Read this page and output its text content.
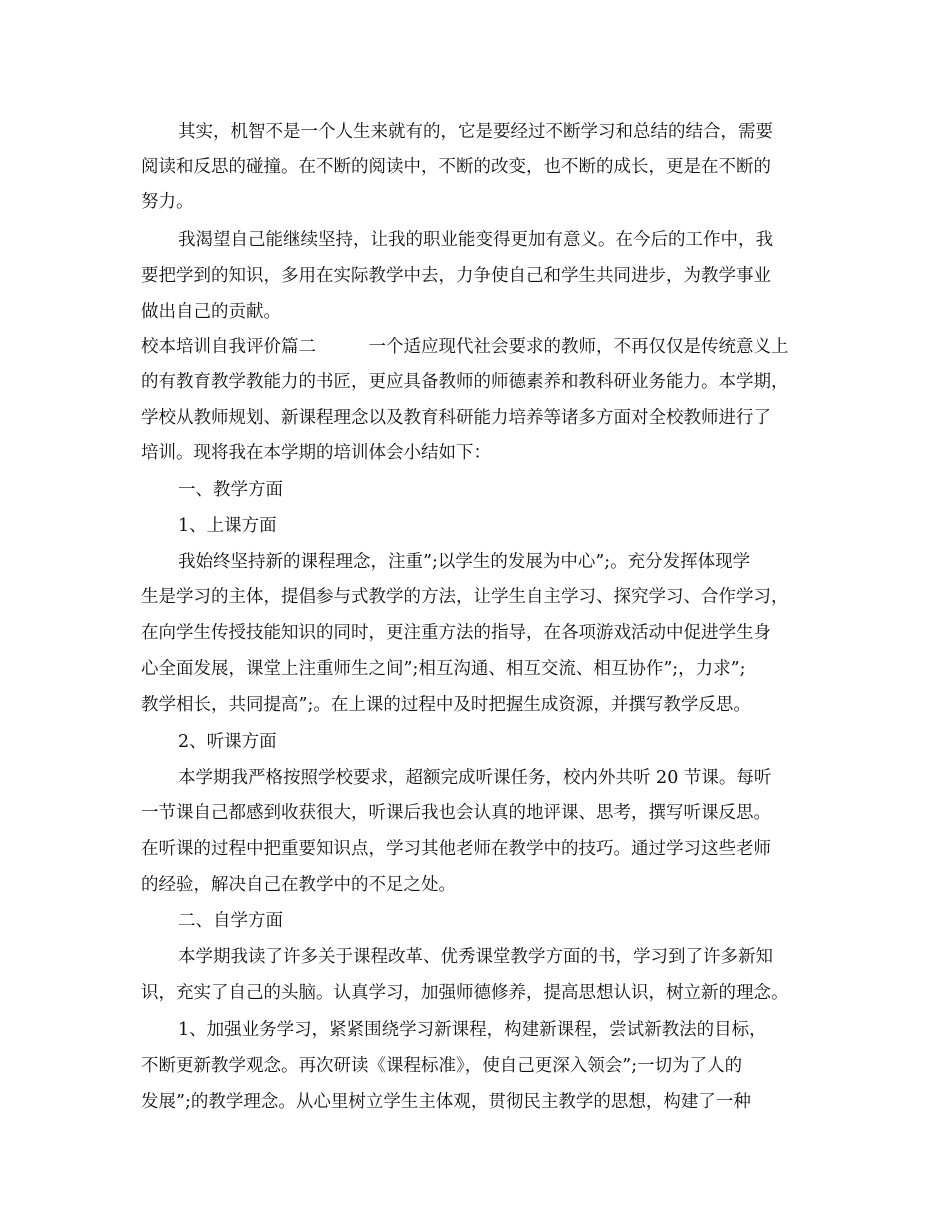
其实，机智不是一个人生来就有的，它是要经过不断学习和总结的结合，需要
阅读和反思的碰撞。在不断的阅读中，不断的改变，也不断的成长，更是在不断的
努力。
我渴望自己能继续坚持，让我的职业能变得更加有意义。在今后的工作中，我
要把学到的知识，多用在实际教学中去，力争使自己和学生共同进步，为教学事业
做出自己的贡献。
校本培训自我评价篇二　　　一个适应现代社会要求的教师，不再仅仅是传统意义上
的有教育教学教能力的书匠，更应具备教师的师德素养和教科研业务能力。本学期，
学校从教师规划、新课程理念以及教育科研能力培养等诸多方面对全校教师进行了
培训。现将我在本学期的培训体会小结如下：
一、教学方面
1、上课方面
我始终坚持新的课程理念，注重”;以学生的发展为中心”;。充分发挥体现学
生是学习的主体，提倡参与式教学的方法，让学生自主学习、探究学习、合作学习，
在向学生传授技能知识的同时，更注重方法的指导，在各项游戏活动中促进学生身
心全面发展，课堂上注重师生之间”;相互沟通、相互交流、相互协作”;，力求”;
教学相长，共同提高”;。在上课的过程中及时把握生成资源，并撰写教学反思。
2、听课方面
本学期我严格按照学校要求，超额完成听课任务，校内外共听 20 节课。每听
一节课自己都感到收获很大，听课后我也会认真的地评课、思考，撰写听课反思。
在听课的过程中把重要知识点，学习其他老师在教学中的技巧。通过学习这些老师
的经验，解决自己在教学中的不足之处。
二、自学方面
本学期我读了许多关于课程改革、优秀课堂教学方面的书，学习到了许多新知
识，充实了自己的头脑。认真学习，加强师德修养，提高思想认识，树立新的理念。
1、加强业务学习，紧紧围绕学习新课程，构建新课程，尝试新教法的目标，
不断更新教学观念。再次研读《课程标准》，使自己更深入领会”;一切为了人的
发展”;的教学理念。从心里树立学生主体观，贯彻民主教学的思想，构建了一种
